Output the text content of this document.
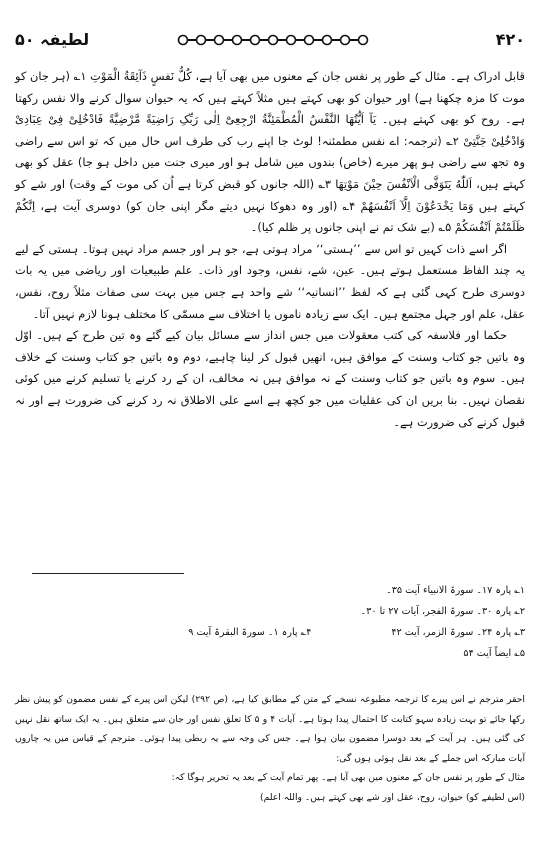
۴۲۰
لطیفہ ۵۰

قابل ادراک ہے۔ مثال کے طور پر نفس جان کے معنوں میں بھی آیا ہے، کُلُّ نَفسٍ ذَآئِقَةُ الْمَوْتِ ۱؎ (ہر جان کو موت کا مزہ چکھنا ہے) اور حیوان کو بھی کہتے ہیں مثلاً کہتے ہیں کہ یہ حیوان سوال کرنے والا نفس رکھتا ہے۔ روح کو بھی کہتے ہیں۔ یَآ اَیُّتُھَا النَّفْسُ الْمُطْمَئِنَّةُ ارْجِعِیْٓ اِلٰی رَبِّکِ رَاضِیَةً مَّرْضِیَّةً فَادْخُلِیْ فِیْ عِبَادِیْ وَادْخُلِیْ جَنَّتِیْ ۲؎ (ترجمہ: اے نفس مطمئنہ! لوٹ جا اپنے رب کی طرف اس حال میں کہ تو اس سے راضی وہ تجھ سے راضی ہو پھر میرے (خاص) بندوں میں شامل ہو اور میری جنت میں داخل ہو جا) عقل کو بھی کہتے ہیں، اَللّٰهُ یَتَوَفَّى الْاَنْفُسَ حِیْنَ مَوْتِهَا ۳؎ (اللہ جانوں کو قبض کرتا ہے اُن کی موت کے وقت) اور شے کو کہتے ہیں وَمَا یَخْدَعُوْنَ اِلَّآ اَنْفُسَھُمْ ۴؎ (اور وہ دھوکا نہیں دیتے مگر اپنی جان کو) دوسری آیت ہے، اِنَّکُمْ ظَلَمْتُمْ اَنْفُسَکُمْ ۵؎ (بے شک تم نے اپنی جانوں پر ظلم کیا)۔

اگر اسے ذات کہیں تو اس سے ’’ہستی‘‘ مراد ہوتی ہے، جو ہر اور جسم مراد نہیں ہوتا۔ ہستی کے لیے یہ چند الفاظ مستعمل ہوتے ہیں۔ عین، شے، نفس، وجود اور ذات۔ علم طبیعیات اور ریاضی میں یہ بات دوسری طرح کہی گئی ہے کہ لفظ ’’انسانیہ‘‘ شے واحد ہے جس میں بہت سی صفات مثلاً روح، نفس، عقل، علم اور جہل مجتمع ہیں۔ ایک سے زیادہ ناموں یا اختلاف سے مسمّٰی کا مختلف ہونا لازم نہیں آتا۔

حکما اور فلاسفہ کی کتب معقولات میں جس انداز سے مسائل بیان کیے گئے وہ تین طرح کے ہیں۔ اوّل وہ باتیں جو کتاب وسنت کے موافق ہیں، انھیں قبول کر لینا چاہیے، دوم وہ باتیں جو کتاب وسنت کے خلاف ہیں۔ سوم وہ باتیں جو کتاب وسنت کے نہ موافق ہیں نہ مخالف، ان کے رد کرنے یا تسلیم کرنے میں کوئی نقصان نہیں۔ بنا بریں ان کی عقلیات میں جو کچھ ہے اسے علی الاطلاق نہ رد کرنے کی ضرورت ہے اور نہ قبول کرنے کی ضرورت ہے۔

۱؎ پارہ ۱۷۔ سورۃ الانبیاء آیت ۳۵۔
۲؎ پارہ ۳۰۔ سورۃ الفجر، آیات ۲۷ تا ۳۰۔
۳؎ پارہ ۲۴۔ سورۃ الزمر، آیت ۴۲
۴؎ پارہ ۱۔ سورۃ البقرۃ آیت ۹
۵؎ ایضاً آیت ۵۴

احقر مترجم نے اس پیرے کا ترجمہ مطبوعہ نسخے کے متن کے مطابق کیا ہے، (ص ۲۹۲) لیکن اس پیرے کے نفس مضمون کو پیش نظر رکھا جائے تو بہت زیادہ سہو کتابت کا احتمال پیدا ہوتا ہے۔ آیات ۴ و ۵ کا تعلق نفس اور جان سے متعلق ہیں۔ یہ ایک ساتھ نقل نہیں کی گئی ہیں۔ ہر آیت کے بعد دوسرا مضمون بیان ہوا ہے۔ جس کی وجہ سے یہ ربطی پیدا ہوئی۔ مترجم کے قیاس میں یہ چاروں آیات مبارکہ اس جملے کے بعد نقل ہوئی ہوں گی:

مثال کے طور پر نفس جان کے معنوں میں بھی آیا ہے۔ پھر تمام آیت کے بعد یہ تحریر ہوگا کہ:

(اس لطیفے کو) حیوان، روح، عقل اور شے بھی کہتے ہیں۔ واللہ اعلم)
